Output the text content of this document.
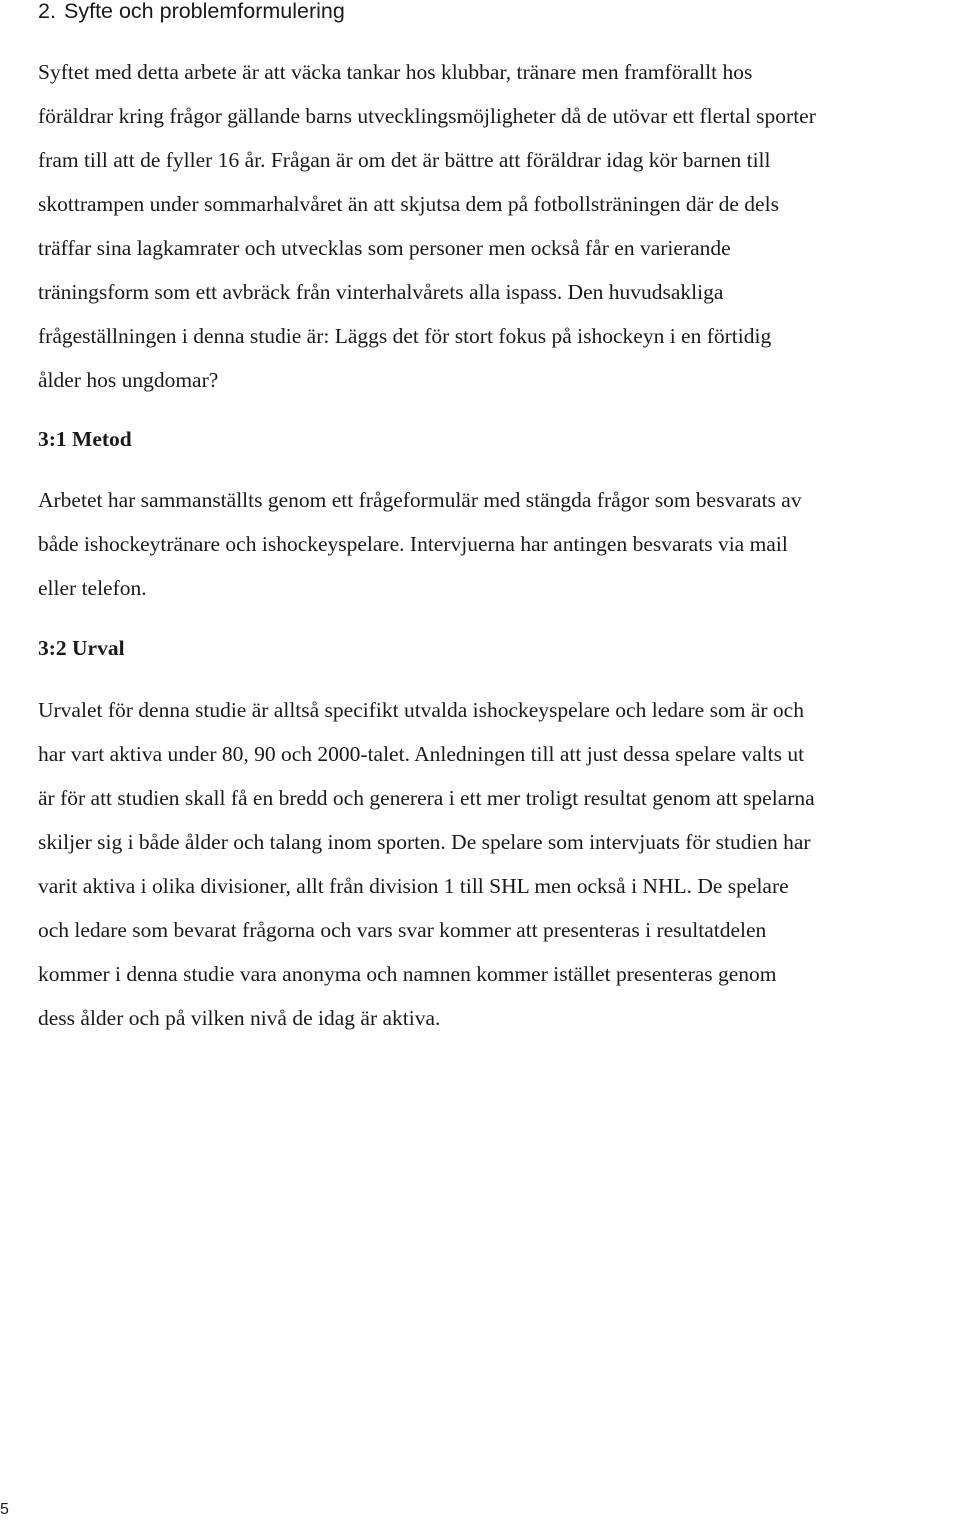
2. Syfte och problemformulering

Syftet med detta arbete är att väcka tankar hos klubbar, tränare men framförallt hos
föräldrar kring frågor gällande barns utvecklingsmöjligheter då de utövar ett flertal sporter
fram till att de fyller 16 år. Frågan är om det är bättre att föräldrar idag kör barnen till
skottrampen under sommarhalvåret än att skjutsa dem på fotbollsträningen där de dels
träffar sina lagkamrater och utvecklas som personer men också får en varierande
träningsform som ett avbräck från vinterhalvårets alla ispass. Den huvudsakliga
frågeställningen i denna studie är: Läggs det för stort fokus på ishockeyn i en förtidig
ålder hos ungdomar?

3:1 Metod

Arbetet har sammanställts genom ett frågeformulär med stängda frågor som besvarats av
både ishockeytränare och ishockeyspelare. Intervjuerna har antingen besvarats via mail
eller telefon.

3:2 Urval

Urvalet för denna studie är alltså specifikt utvalda ishockeyspelare och ledare som är och
har vart aktiva under 80, 90 och 2000-talet. Anledningen till att just dessa spelare valts ut
är för att studien skall få en bredd och generera i ett mer troligt resultat genom att spelarna
skiljer sig i både ålder och talang inom sporten. De spelare som intervjuats för studien har
varit aktiva i olika divisioner, allt från division 1 till SHL men också i NHL. De spelare
och ledare som bevarat frågorna och vars svar kommer att presenteras i resultatdelen
kommer i denna studie vara anonyma och namnen kommer istället presenteras genom
dess ålder och på vilken nivå de idag är aktiva.

5
